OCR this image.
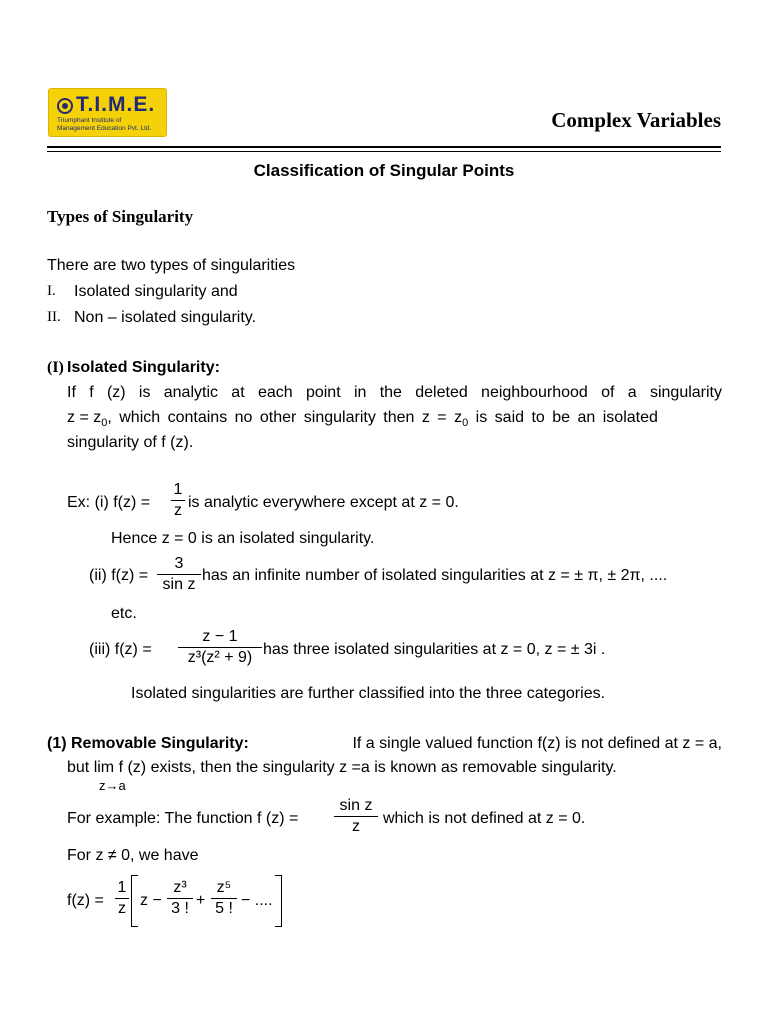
T.I.M.E.
Triumphant Institute of Management Education Pvt. Ltd.	Complex Variables
Classification of Singular Points
Types of Singularity
There are two types of singularities
I. Isolated singularity and
II. Non – isolated singularity.
(I) Isolated Singularity:
If f (z) is analytic at each point in the deleted neighbourhood of a singularity
$z = z_0$, which contains no other singularity then $z = z_0$ is said to be an isolated
singularity of f (z).
Ex: (i) f(z) =
1
z is analytic everywhere except at z = 0.
Hence z = 0 is an isolated singularity.
(ii) f(z) =
3
sin z
has an infinite number of isolated singularities at z = ± π, ± 2π, ....
etc.
(iii) f(z) =
z − 1
z³(z² + 9) has three isolated singularities at z = 0, z = ± 3i .
Isolated singularities are further classified into the three categories.
(1) Removable Singularity:	If a single valued function f(z) is not defined at z = a,
but lim f (z) exists, then the singularity z =a is known as removable singularity.
z→a
For example: The function f (z) =
sin z
z	which is not defined at z = 0.
For z ≠ 0, we have
f(z) =
1
z z −
z³
3 ! +
z⁵
5 ! − ....
